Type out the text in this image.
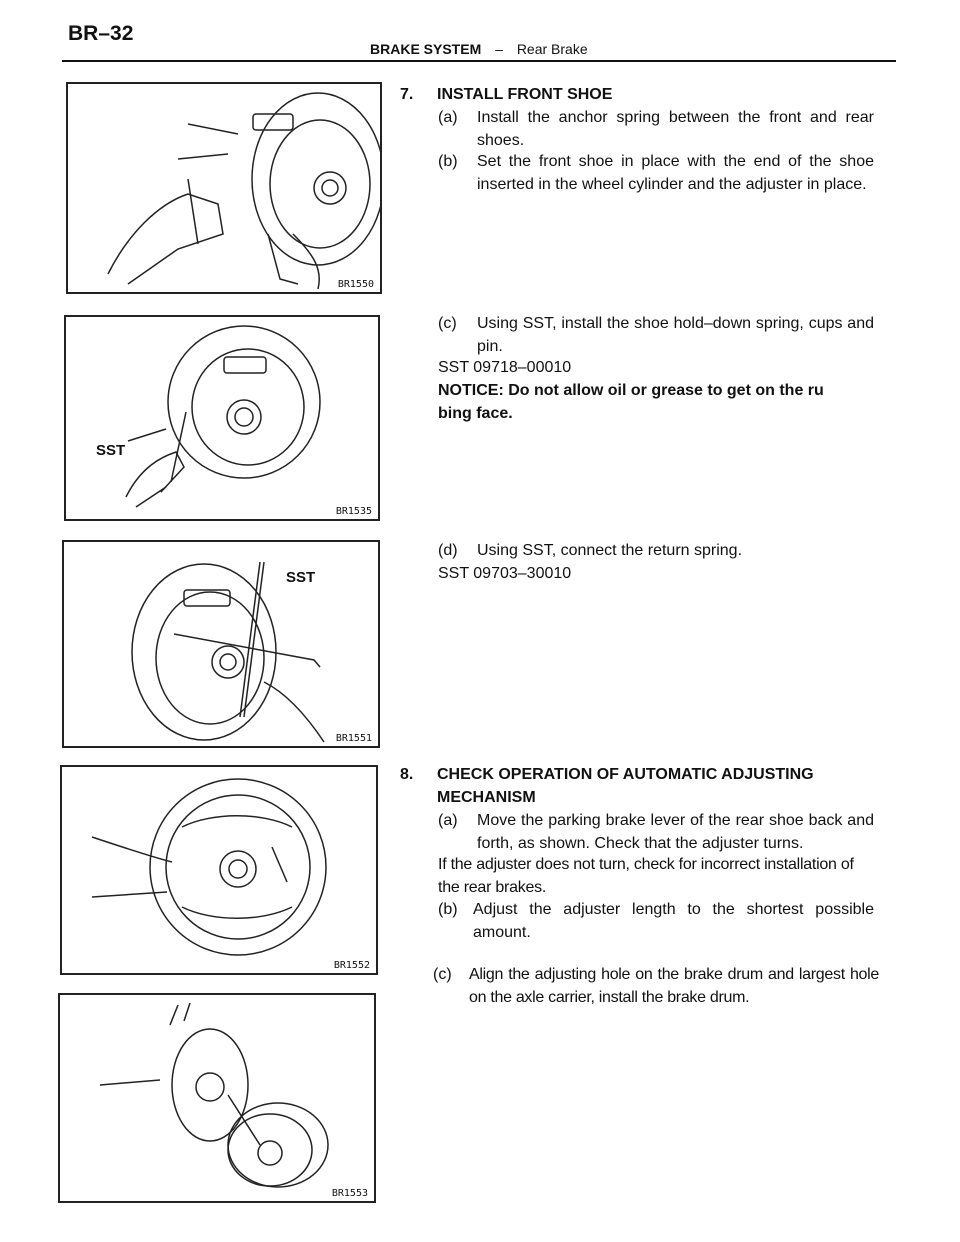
BR–32
BRAKE SYSTEM – Rear Brake
BR1550
SST
BR1535
SST
BR1551
BR1552
BR1553
7. INSTALL FRONT SHOE
(a) Install the anchor spring between the front and rear shoes.
(b) Set the front shoe in place with the end of the shoe inserted in the wheel cylinder and the adjuster in place.
(c) Using SST, install the shoe hold–down spring, cups and pin.
SST 09718–00010
NOTICE: Do not allow oil or grease to get on the ru
bing face.
(d) Using SST, connect the return spring.
SST 09703–30010
8. CHECK OPERATION OF AUTOMATIC ADJUSTING
MECHANISM
(a) Move the parking brake lever of the rear shoe back and forth, as shown. Check that the adjuster turns.
If the adjuster does not turn, check for incorrect installation of the rear brakes.
(b) Adjust the adjuster length to the shortest possible amount.
(c) Align the adjusting hole on the brake drum and largest hole on the axle carrier, install the brake drum.
